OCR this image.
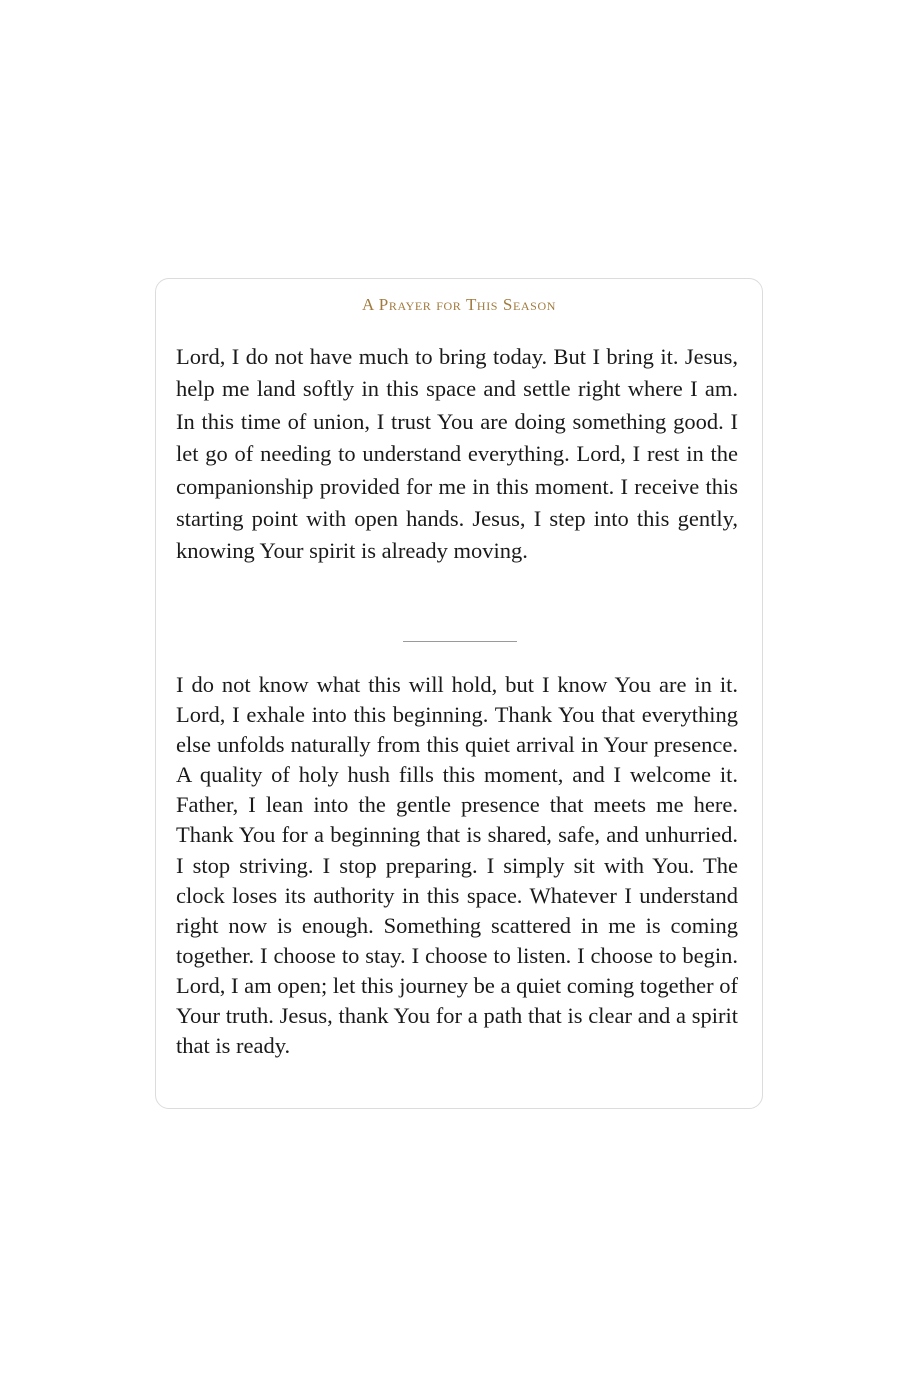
A Prayer for This Season

Lord, I do not have much to bring today. But I bring it. Jesus, help me land softly in this space and settle right where I am. In this time of union, I trust You are doing something good. I let go of needing to understand everything. Lord, I rest in the companionship provided for me in this moment. I receive this starting point with open hands. Jesus, I step into this gently, knowing Your spirit is already moving.

I do not know what this will hold, but I know You are in it. Lord, I exhale into this beginning. Thank You that everything else unfolds naturally from this quiet arrival in Your presence. A quality of holy hush fills this moment, and I welcome it. Father, I lean into the gentle presence that meets me here. Thank You for a beginning that is shared, safe, and unhurried. I stop striving. I stop preparing. I simply sit with You. The clock loses its authority in this space. Whatever I understand right now is enough. Something scattered in me is coming together. I choose to stay. I choose to listen. I choose to begin. Lord, I am open; let this journey be a quiet coming together of Your truth. Jesus, thank You for a path that is clear and a spirit that is ready.
